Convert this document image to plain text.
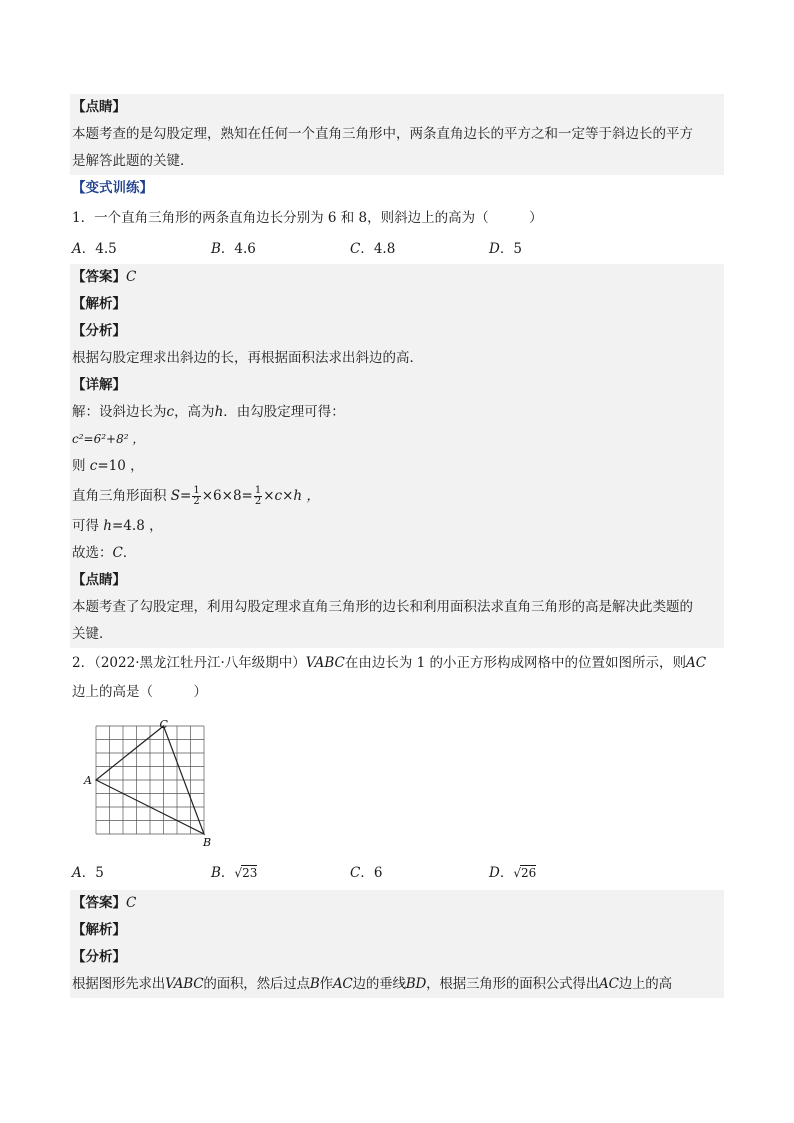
【点睛】
本题考查的是勾股定理，熟知在任何一个直角三角形中，两条直角边长的平方之和一定等于斜边长的平方
是解答此题的关键．
【变式训练】
1．一个直角三角形的两条直角边长分别为 6 和 8，则斜边上的高为（　　　）
A．4.5	B．4.6	C．4.8	D．5
【答案】C
【解析】
【分析】
根据勾股定理求出斜边的长，再根据面积法求出斜边的高．
【详解】
解：设斜边长为c，高为h．由勾股定理可得：
c²=6²+8² ，
则 c=10 ，
直角三角形面积 $S= \frac{1}{2} \times 6\times 8= \frac{1}{2} \times c\times h$ ，
可得 h=4.8 ，
故选：C．
【点睛】
本题考查了勾股定理，利用勾股定理求直角三角形的边长和利用面积法求直角三角形的高是解决此类题的
关键．
2．（2022·黑龙江牡丹江·八年级期中）VABC在由边长为 1 的小正方形构成网格中的位置如图所示，则AC
边上的高是（　　　）
A
B
C
A．5	B．√23	C．6	D．√26
【答案】C
【解析】
【分析】
根据图形先求出VABC的面积，然后过点B作AC边的垂线BD，根据三角形的面积公式得出AC边上的高
